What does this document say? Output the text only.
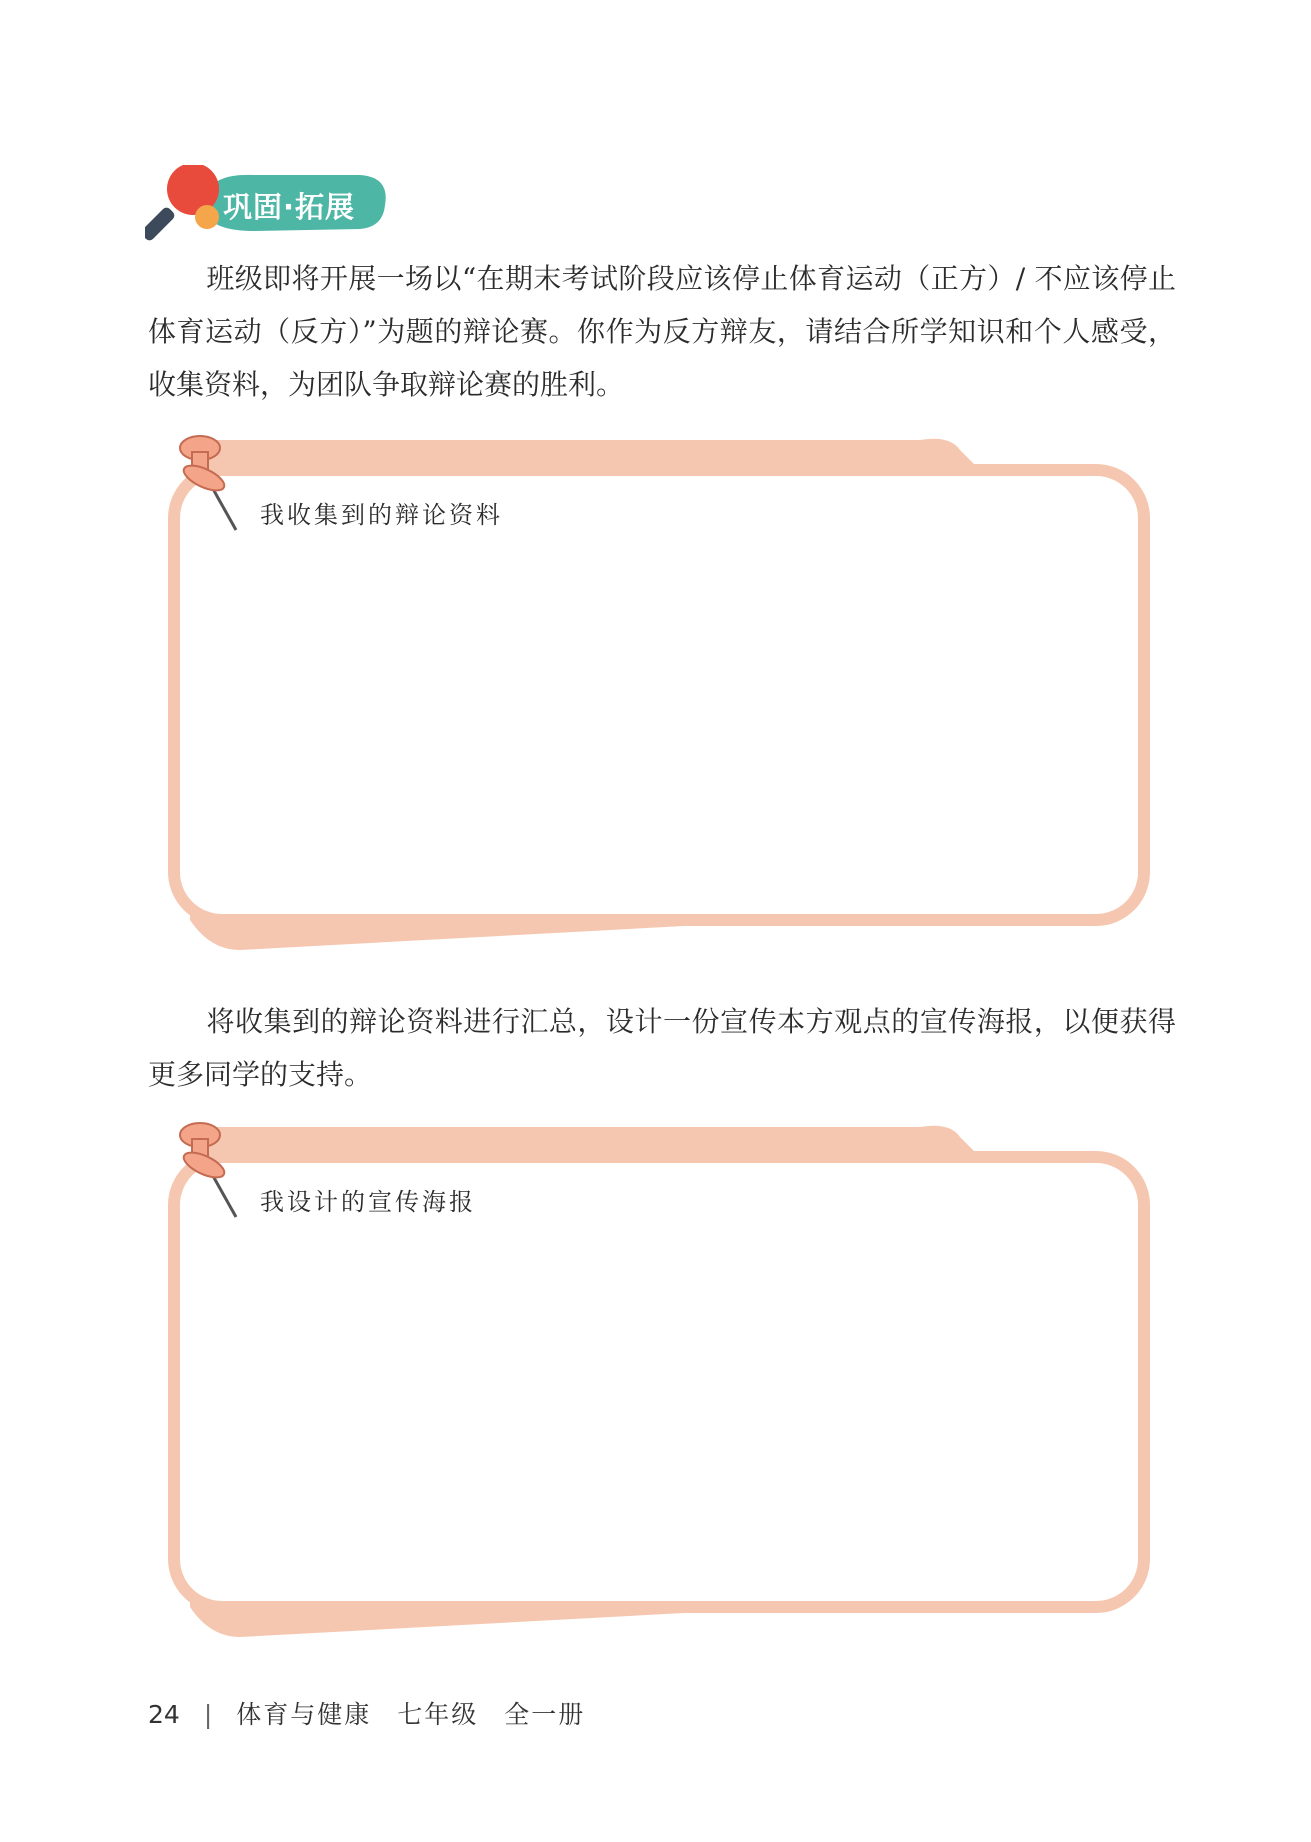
巩固·拓展

班级即将开展一场以“在期末考试阶段应该停止体育运动（正方）/ 不应该停止体育运动（反方）”为题的辩论赛。你作为反方辩友，请结合所学知识和个人感受，收集资料，为团队争取辩论赛的胜利。

我收集到的辩论资料

将收集到的辩论资料进行汇总，设计一份宣传本方观点的宣传海报，以便获得更多同学的支持。

我设计的宣传海报
24 | 体育与健康 七年级 全一册
